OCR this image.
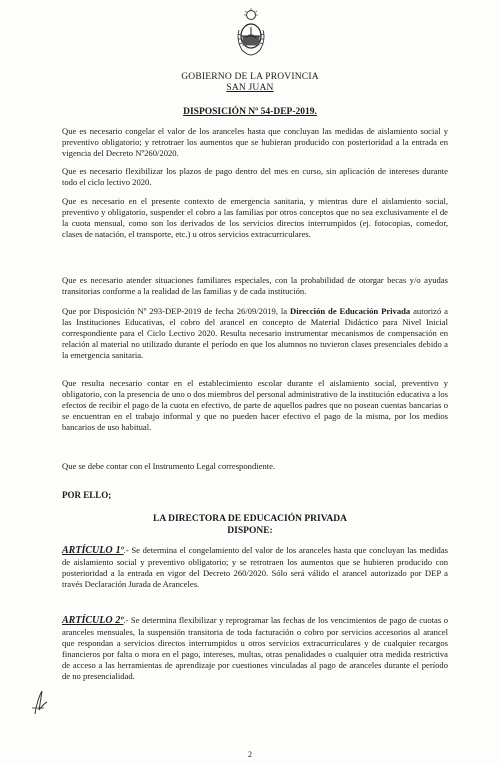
GOBIERNO DE LA PROVINCIA
SAN JUAN
DISPOSICIÓN Nº 54-DEP-2019.
Que es necesario congelar el valor de los aranceles hasta que concluyan las medidas de aislamiento social y preventivo obligatorio; y retrotraer los aumentos que se hubieran producido con posterioridad a la entrada en vigencia del Decreto Nº260/2020.
Que es necesario flexibilizar los plazos de pago dentro del mes en curso, sin aplicación de intereses durante todo el ciclo lectivo 2020.
Que es necesario en el presente contexto de emergencia sanitaria, y mientras dure el aislamiento social, preventivo y obligatorio, suspender el cobro a las familias por otros conceptos que no sea exclusivamente el de la cuota mensual, como son los derivados de los servicios directos interrumpidos (ej. fotocopias, comedor, clases de natación, el transporte, etc.) u otros servicios extracurriculares.
Que es necesario atender situaciones familiares especiales, con la probabilidad de otorgar becas y/o ayudas transitorias conforme a la realidad de las familias y de cada institución.
Que por Disposición Nº 293-DEP-2019 de fecha 26/09/2019, la Dirección de Educación Privada autorizó a las Instituciones Educativas, el cobro del arancel en concepto de Material Didáctico para Nivel Inicial correspondiente para el Ciclo Lectivo 2020. Resulta necesario instrumentar mecanismos de compensación en relación al material no utilizado durante el período en que los alumnos no tuvieron clases presenciales debido a la emergencia sanitaria.
Que resulta necesario contar en el establecimiento escolar durante el aislamiento social, preventivo y obligatorio, con la presencia de uno o dos miembros del personal administrativo de la institución educativa a los efectos de recibir el pago de la cuota en efectivo, de parte de aquellos padres que no posean cuentas bancarias o se encuentran en el trabajo informal y que no pueden hacer efectivo el pago de la misma, por los medios bancarios de uso habitual.
Que se debe contar con el Instrumento Legal correspondiente.
POR ELLO;
LA DIRECTORA DE EDUCACIÓN PRIVADA
DISPONE:
ARTÍCULO 1º.- Se determina el congelamiento del valor de los aranceles hasta que concluyan las medidas de aislamiento social y preventivo obligatorio; y se retrotraen los aumentos que se hubieren producido con posterioridad a la entrada en vigor del Decreto 260/2020. Sólo será válido el arancel autorizado por DEP a través Declaración Jurada de Aranceles.
ARTÍCULO 2º.- Se determina flexibilizar y reprogramar las fechas de los vencimientos de pago de cuotas o aranceles mensuales, la suspensión transitoria de toda facturación o cobro por servicios accesorios al arancel que respondan a servicios directos interrumpidos u otros servicios extracurriculares y de cualquier recargos financieros por falta o mora en el pago, intereses, multas, otras penalidades o cualquier otra medida restrictiva de acceso a las herramientas de aprendizaje por cuestiones vinculadas al pago de aranceles durante el período de no presencialidad.
2
